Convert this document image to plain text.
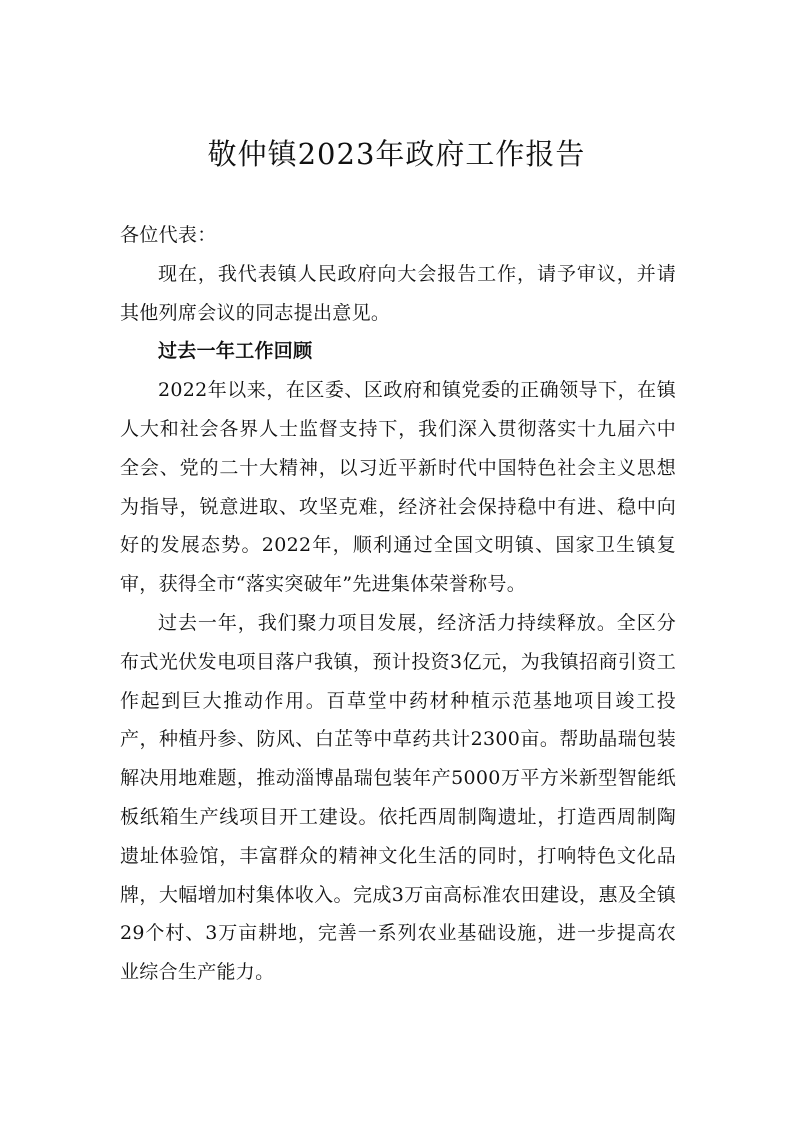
敬仲镇2023年政府工作报告

各位代表：

现在，我代表镇人民政府向大会报告工作，请予审议，并请其他列席会议的同志提出意见。

过去一年工作回顾

2022年以来，在区委、区政府和镇党委的正确领导下，在镇人大和社会各界人士监督支持下，我们深入贯彻落实十九届六中全会、党的二十大精神，以习近平新时代中国特色社会主义思想为指导，锐意进取、攻坚克难，经济社会保持稳中有进、稳中向好的发展态势。2022年，顺利通过全国文明镇、国家卫生镇复审，获得全市“落实突破年”先进集体荣誉称号。

过去一年，我们聚力项目发展，经济活力持续释放。全区分布式光伏发电项目落户我镇，预计投资3亿元，为我镇招商引资工作起到巨大推动作用。百草堂中药材种植示范基地项目竣工投产，种植丹参、防风、白芷等中草药共计2300亩。帮助晶瑞包装解决用地难题，推动淄博晶瑞包装年产5000万平方米新型智能纸板纸箱生产线项目开工建设。依托西周制陶遗址，打造西周制陶遗址体验馆，丰富群众的精神文化生活的同时，打响特色文化品牌，大幅增加村集体收入。完成3万亩高标准农田建设，惠及全镇29个村、3万亩耕地，完善一系列农业基础设施，进一步提高农业综合生产能力。
